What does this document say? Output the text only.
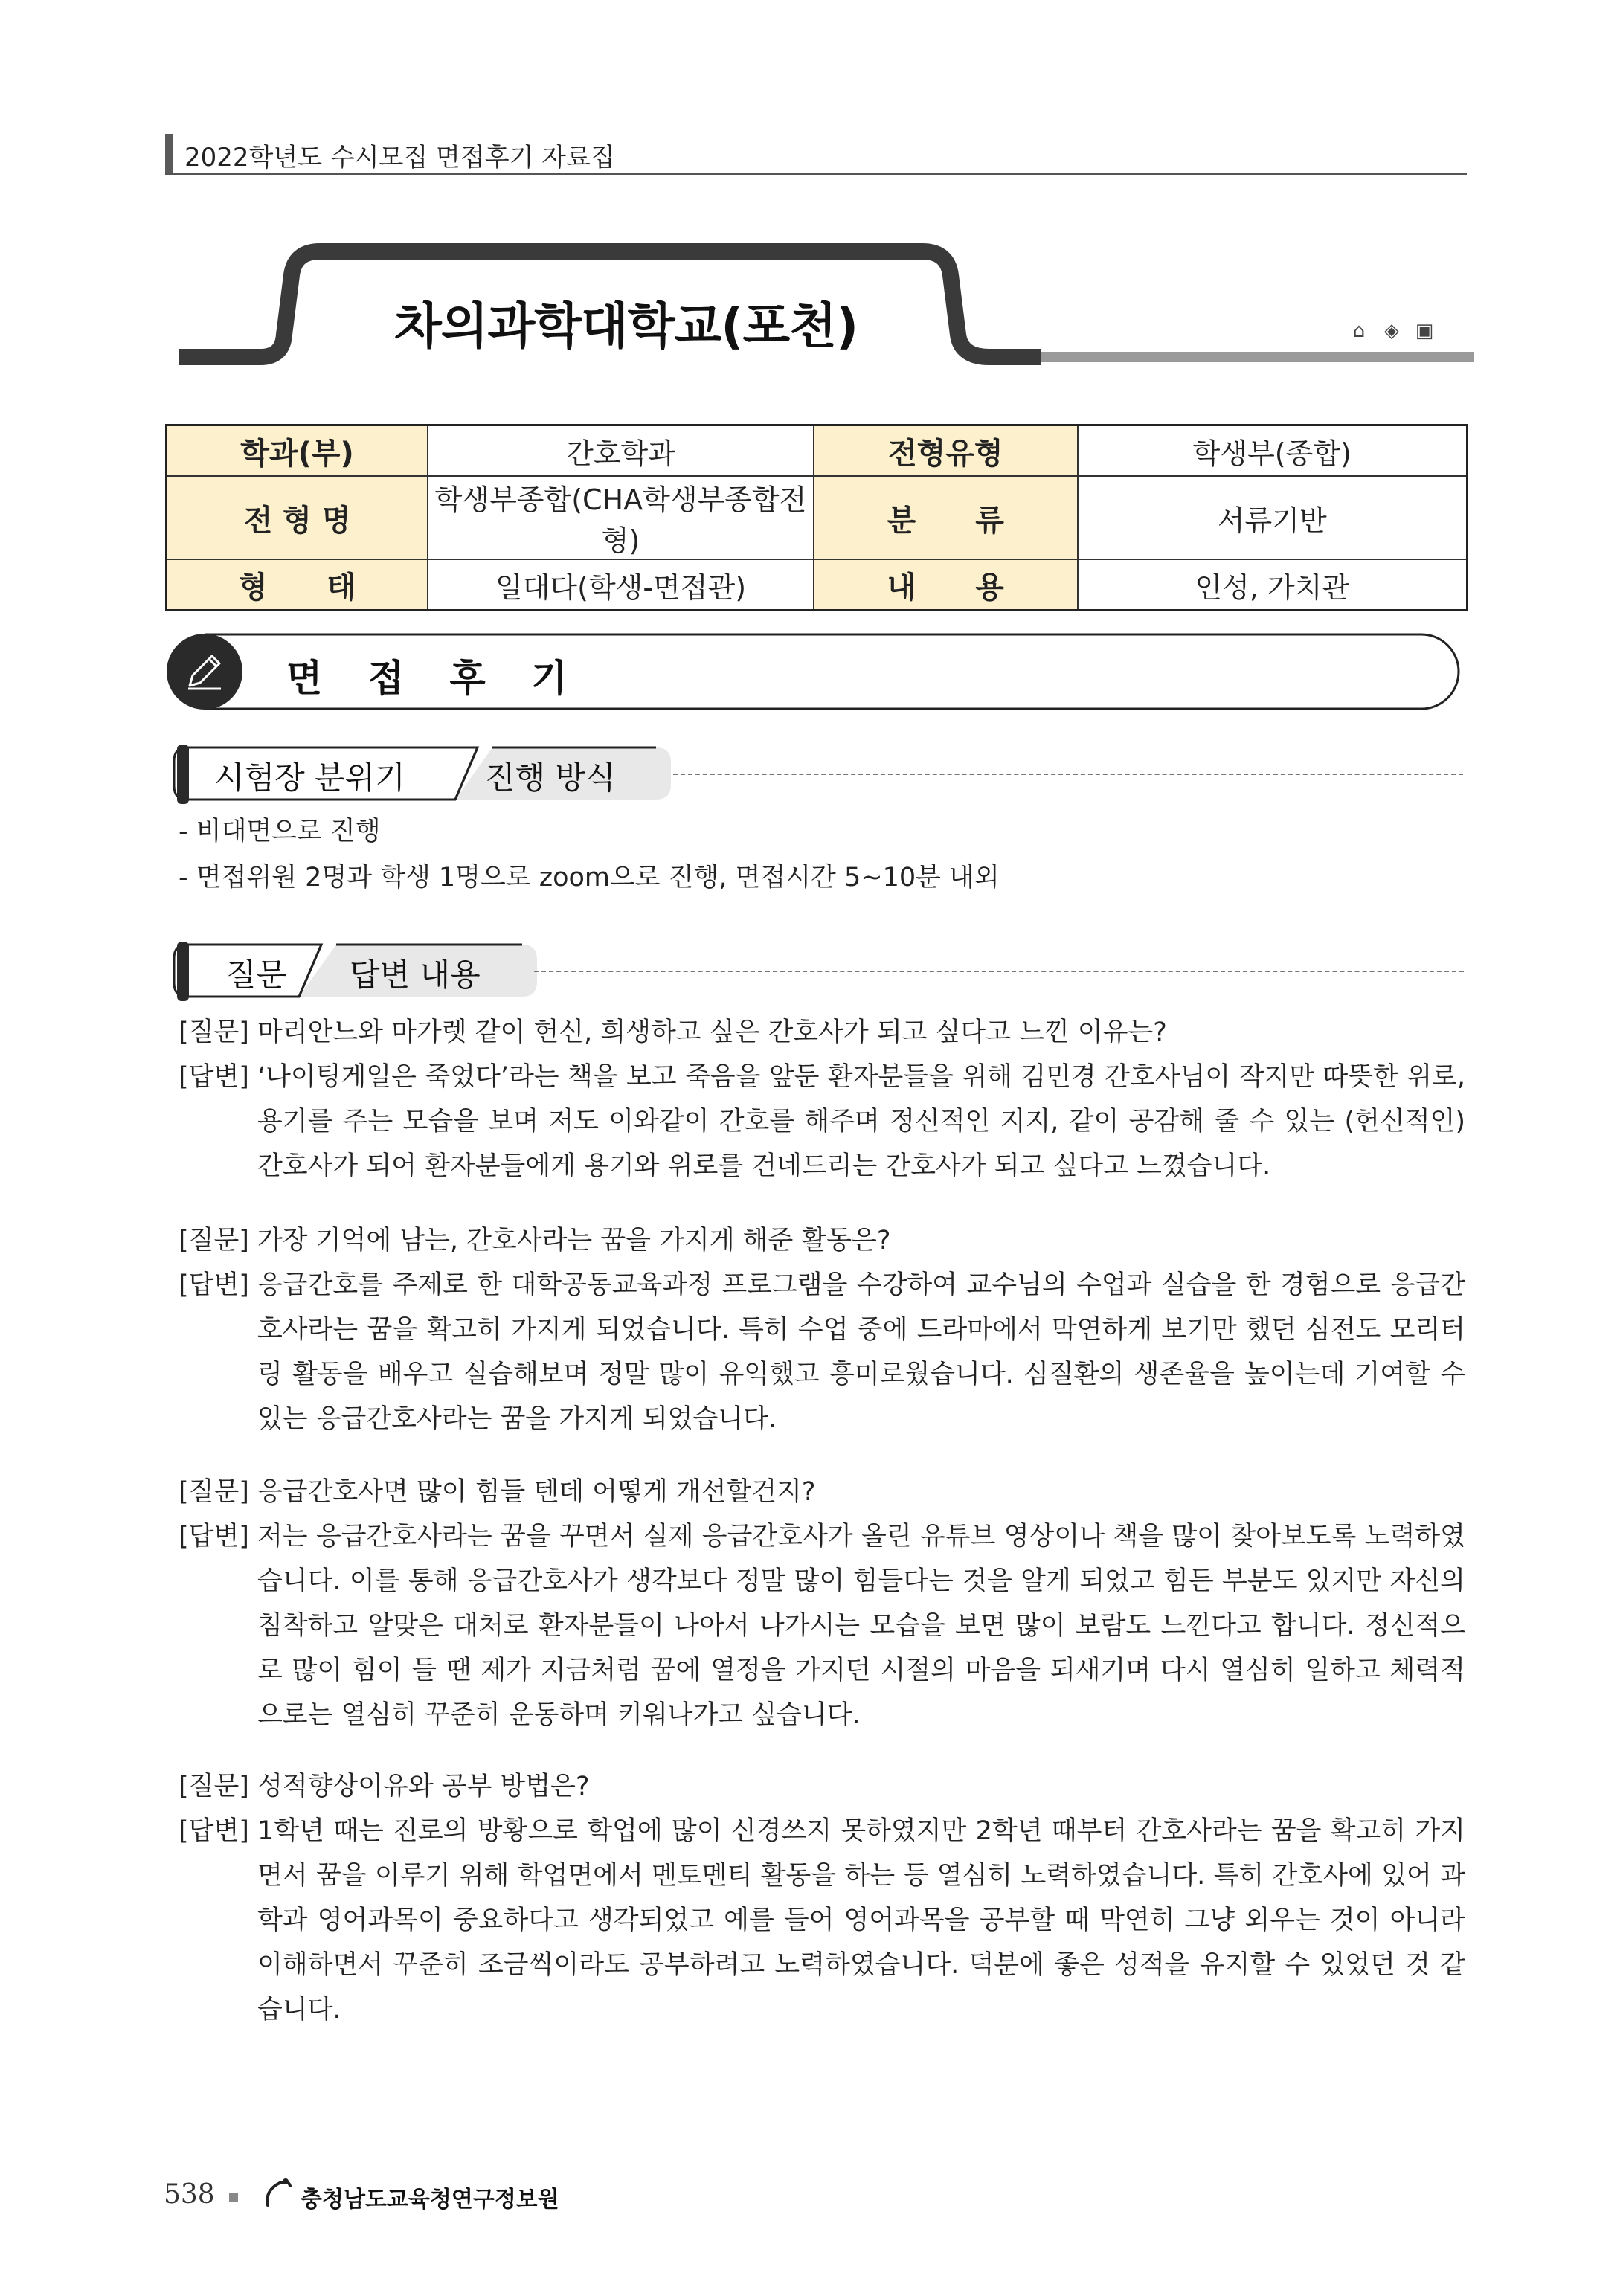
2022학년도 수시모집 면접후기 자료집
차의과학대학교(포천)	⌂ ◈ ▣
학과(부)	간호학과	전형유형	학생부(종합)
전 형 명	학생부종합(CHA학생부종합전형)	분　　류	서류기반
형　　태	일대다(학생-면접관)	내　　용	인성, 가치관
면 접 후 기
시험장 분위기	진행 방식
- 비대면으로 진행
- 면접위원 2명과 학생 1명으로 zoom으로 진행, 면접시간 5~10분 내외
질문 답변 내용
[질문] 마리안느와 마가렛 같이 헌신, 희생하고 싶은 간호사가 되고 싶다고 느낀 이유는?
[답변] ‘나이팅게일은 죽었다’라는 책을 보고 죽음을 앞둔 환자분들을 위해 김민경 간호사님이 작지만 따뜻한 위로, 용기를 주는 모습을 보며 저도 이와같이 간호를 해주며 정신적인 지지, 같이 공감해 줄 수 있는 (헌신적인) 간호사가 되어 환자분들에게 용기와 위로를 건네드리는 간호사가 되고 싶다고 느꼈습니다.
[질문] 가장 기억에 남는, 간호사라는 꿈을 가지게 해준 활동은?
[답변] 응급간호를 주제로 한 대학공동교육과정 프로그램을 수강하여 교수님의 수업과 실습을 한 경험으로 응급간호사라는 꿈을 확고히 가지게 되었습니다. 특히 수업 중에 드라마에서 막연하게 보기만 했던 심전도 모리터링 활동을 배우고 실습해보며 정말 많이 유익했고 흥미로웠습니다. 심질환의 생존율을 높이는데 기여할 수 있는 응급간호사라는 꿈을 가지게 되었습니다.
[질문] 응급간호사면 많이 힘들 텐데 어떻게 개선할건지?
[답변] 저는 응급간호사라는 꿈을 꾸면서 실제 응급간호사가 올린 유튜브 영상이나 책을 많이 찾아보도록 노력하였습니다. 이를 통해 응급간호사가 생각보다 정말 많이 힘들다는 것을 알게 되었고 힘든 부분도 있지만 자신의 침착하고 알맞은 대처로 환자분들이 나아서 나가시는 모습을 보면 많이 보람도 느낀다고 합니다. 정신적으로 많이 힘이 들 땐 제가 지금처럼 꿈에 열정을 가지던 시절의 마음을 되새기며 다시 열심히 일하고 체력적으로는 열심히 꾸준히 운동하며 키워나가고 싶습니다.
[질문] 성적향상이유와 공부 방법은?
[답변] 1학년 때는 진로의 방황으로 학업에 많이 신경쓰지 못하였지만 2학년 때부터 간호사라는 꿈을 확고히 가지면서 꿈을 이루기 위해 학업면에서 멘토멘티 활동을 하는 등 열심히 노력하였습니다. 특히 간호사에 있어 과학과 영어과목이 중요하다고 생각되었고 예를 들어 영어과목을 공부할 때 막연히 그냥 외우는 것이 아니라 이해하면서 꾸준히 조금씩이라도 공부하려고 노력하였습니다. 덕분에 좋은 성적을 유지할 수 있었던 것 같습니다.
538	충청남도교육청연구정보원
